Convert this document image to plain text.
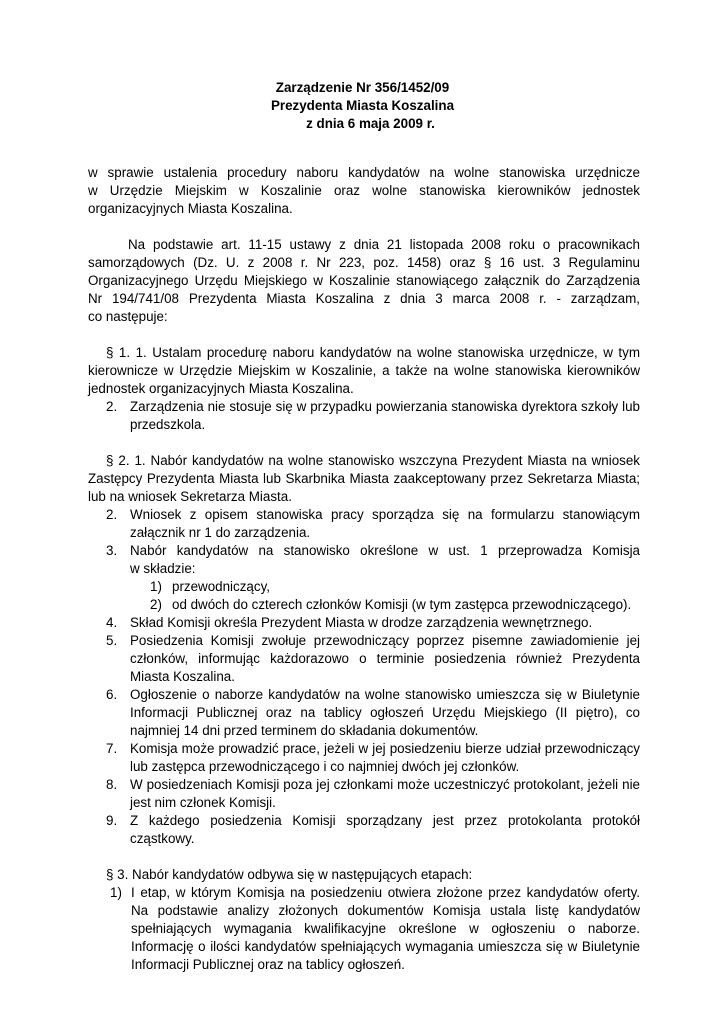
Zarządzenie Nr 356/1452/09
Prezydenta Miasta Koszalina
z dnia 6 maja 2009 r.
w sprawie ustalenia procedury naboru kandydatów na wolne stanowiska urzędnicze
w Urzędzie Miejskim w Koszalinie oraz wolne stanowiska kierowników jednostek
organizacyjnych Miasta Koszalina.
Na podstawie art. 11-15 ustawy z dnia 21 listopada 2008 roku o pracownikach
samorządowych (Dz. U. z 2008 r. Nr 223, poz. 1458) oraz § 16 ust. 3 Regulaminu
Organizacyjnego Urzędu Miejskiego w Koszalinie stanowiącego załącznik do Zarządzenia
Nr 194/741/08 Prezydenta Miasta Koszalina z dnia 3 marca 2008 r. - zarządzam,
co następuje:
§ 1. 1. Ustalam procedurę naboru kandydatów na wolne stanowiska urzędnicze, w tym
kierownicze w Urzędzie Miejskim w Koszalinie, a także na wolne stanowiska kierowników
jednostek organizacyjnych Miasta Koszalina.
2. Zarządzenia nie stosuje się w przypadku powierzania stanowiska dyrektora szkoły lub
przedszkola.
§ 2. 1. Nabór kandydatów na wolne stanowisko wszczyna Prezydent Miasta na wniosek
Zastępcy Prezydenta Miasta lub Skarbnika Miasta zaakceptowany przez Sekretarza Miasta;
lub na wniosek Sekretarza Miasta.
2. Wniosek z opisem stanowiska pracy sporządza się na formularzu stanowiącym
załącznik nr 1 do zarządzenia.
3. Nabór kandydatów na stanowisko określone w ust. 1 przeprowadza Komisja
w składzie:
1) przewodniczący,
2) od dwóch do czterech członków Komisji (w tym zastępca przewodniczącego).
4. Skład Komisji określa Prezydent Miasta w drodze zarządzenia wewnętrznego.
5. Posiedzenia Komisji zwołuje przewodniczący poprzez pisemne zawiadomienie jej
członków, informując każdorazowo o terminie posiedzenia również Prezydenta
Miasta Koszalina.
6. Ogłoszenie o naborze kandydatów na wolne stanowisko umieszcza się w Biuletynie
Informacji Publicznej oraz na tablicy ogłoszeń Urzędu Miejskiego (II piętro), co
najmniej 14 dni przed terminem do składania dokumentów.
7. Komisja może prowadzić prace, jeżeli w jej posiedzeniu bierze udział przewodniczący
lub zastępca przewodniczącego i co najmniej dwóch jej członków.
8. W posiedzeniach Komisji poza jej członkami może uczestniczyć protokolant, jeżeli nie
jest nim członek Komisji.
9. Z każdego posiedzenia Komisji sporządzany jest przez protokolanta protokół
cząstkowy.
§ 3. Nabór kandydatów odbywa się w następujących etapach:
1) I etap, w którym Komisja na posiedzeniu otwiera złożone przez kandydatów oferty.
Na podstawie analizy złożonych dokumentów Komisja ustala listę kandydatów
spełniających wymagania kwalifikacyjne określone w ogłoszeniu o naborze.
Informację o ilości kandydatów spełniających wymagania umieszcza się w Biuletynie
Informacji Publicznej oraz na tablicy ogłoszeń.
